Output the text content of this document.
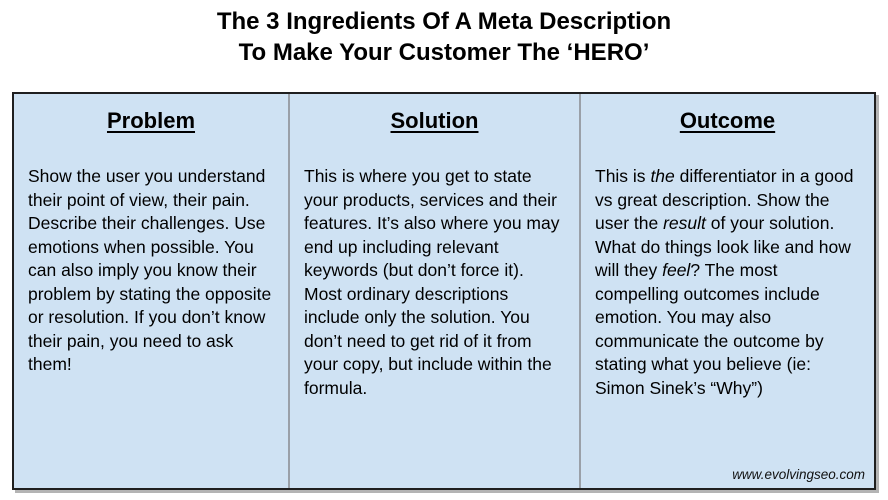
The 3 Ingredients Of A Meta Description
To Make Your Customer The ‘HERO’
Problem
Show the user you understand their point of view, their pain. Describe their challenges. Use emotions when possible. You can also imply you know their problem by stating the opposite or resolution. If you don’t know their pain, you need to ask them!
Solution
This is where you get to state your products, services and their features. It’s also where you may end up including relevant keywords (but don’t force it). Most ordinary descriptions include only the solution. You don’t need to get rid of it from your copy, but include within the formula.
Outcome
This is the differentiator in a good vs great description. Show the user the result of your solution. What do things look like and how will they feel? The most compelling outcomes include emotion. You may also communicate the outcome by stating what you believe (ie: Simon Sinek’s “Why”)
www.evolvingseo.com
